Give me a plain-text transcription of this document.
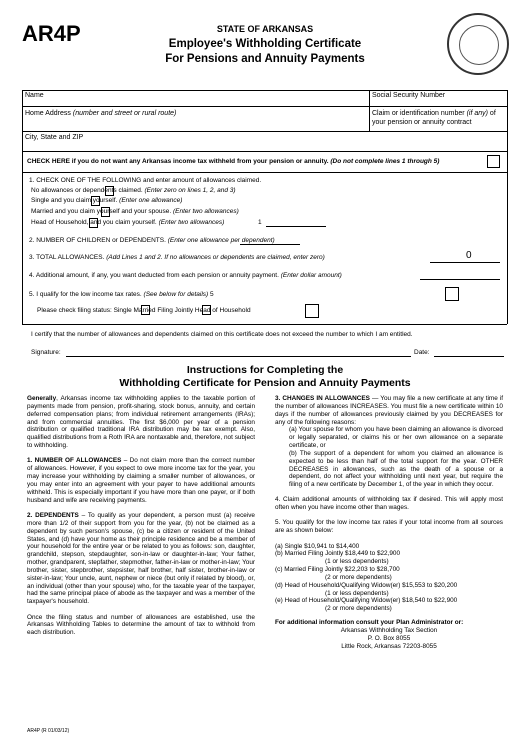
AR4P	STATE OF ARKANSAS
Employee's Withholding Certificate
For Pensions and Annuity Payments
Name	Social Security Number
Home Address (number and street or rural route)	Claim or identification number (if any) of your pension or annuity contract
City, State and ZIP
CHECK HERE if you do not want any Arkansas income tax withheld from your pension or annuity. (Do not complete lines 1 through 5)
1. CHECK ONE OF THE FOLLOWING and enter amount of allowances claimed.
No allowances or dependents claimed. (Enter zero on lines 1, 2, and 3)
Single and you claim yourself. (Enter one allowance)
Married and you claim yourself and your spouse. (Enter two allowances)
Head of Household, and you claim yourself. (Enter two allowances)	1
2. NUMBER OF CHILDREN or DEPENDENTS. (Enter one allowance per dependent)
3. TOTAL ALLOWANCES. (Add Lines 1 and 2. If no allowances or dependents are claimed, enter zero)	0
4. Additional amount, if any, you want deducted from each pension or annuity payment. (Enter dollar amount)
5. I qualify for the low income tax rates. (See below for details) 5
Please check filing status: Single Married Filing Jointly Head of Household
I certify that the number of allowances and dependents claimed on this certificate does not exceed the number to which I am entitled.
Signature:	Date:
Instructions for Completing the
Withholding Certificate for Pension and Annuity Payments

Generally, Arkansas income tax withholding applies to the taxable portion of payments made from pension, profit-sharing, stock bonus, annuity, and certain deferred compensation plans; from individual retirement arrangements (IRAs); and from commercial annuities. The first $6,000 per year of a pension distribution or qualified traditional IRA distribution may be tax exempt. Also, qualified distributions from a Roth IRA are nontaxable and, therefore, not subject to withholding.

1. NUMBER OF ALLOWANCES – Do not claim more than the correct number of allowances. However, if you expect to owe more income tax for the year, you may increase your withholding by claiming a smaller number of allowances, or you may enter into an agreement with your payer to have additional amounts withheld. This is especially important if you have more than one payer, or if both husband and wife are receiving payments.

2. DEPENDENTS – To qualify as your dependent, a person must (a) receive more than 1/2 of their support from you for the year, (b) not be claimed as a dependent by such person's spouse, (c) be a citizen or resident of the United States, and (d) have your home as their principle residence and be a member of your household for the entire year or be related to you as follows: son, daughter, grandchild, stepson, stepdaughter, son-in-law or daughter-in-law; Your father, mother, grandparent, stepfather, stepmother, father-in-law or mother-in-law; Your brother, sister, stepbrother, stepsister, half brother, half sister, brother-in-law or sister-in-law; Your uncle, aunt, nephew or niece (but only if related by blood), or, an individual (other than your spouse) who, for the taxable year of the taxpayer, had the same principal place of abode as the taxpayer and was a member of the taxpayer's household.

Once the filing status and number of allowances are established, use the Arkansas Withholding Tables to determine the amount of tax to withhold from each distribution.

AR4P (R 01/03/12)

3. CHANGES IN ALLOWANCES — You may file a new certificate at any time if the number of allowances INCREASES. You must file a new certificate within 10 days if the number of allowances previously claimed by you DECREASES for any of the following reasons:

(a) Your spouse for whom you have been claiming an allowance is divorced or legally separated, or claims his or her own allowance on a separate certificate, or

(b) The support of a dependent for whom you claimed an allowance is expected to be less than half of the total support for the year. OTHER DECREASES in allowances, such as the death of a spouse or a dependent, do not affect your withholding until next year, but require the filing of a new certificate by December 1, of the year in which they occur.

4. Claim additional amounts of withholding tax if desired. This will apply most often when you have income other than wages.

5. You qualify for the low income tax rates if your total income from all sources are as shown below:

(a) Single $10,941 to $14,400
(b) Married Filing Jointly $18,449 to $22,900
(1 or less dependents)
(c) Married Filing Jointly $22,203 to $28,700
(2 or more dependents)
(d) Head of Household/Qualifying Widow(er) $15,553 to $20,200
(1 or less dependents)
(e) Head of Household/Qualifying Widow(er) $18,540 to $22,900
(2 or more dependents)
For additional information consult your Plan Administrator or:
Arkansas Withholding Tax Section
P. O. Box 8055
Little Rock, Arkansas 72203-8055
